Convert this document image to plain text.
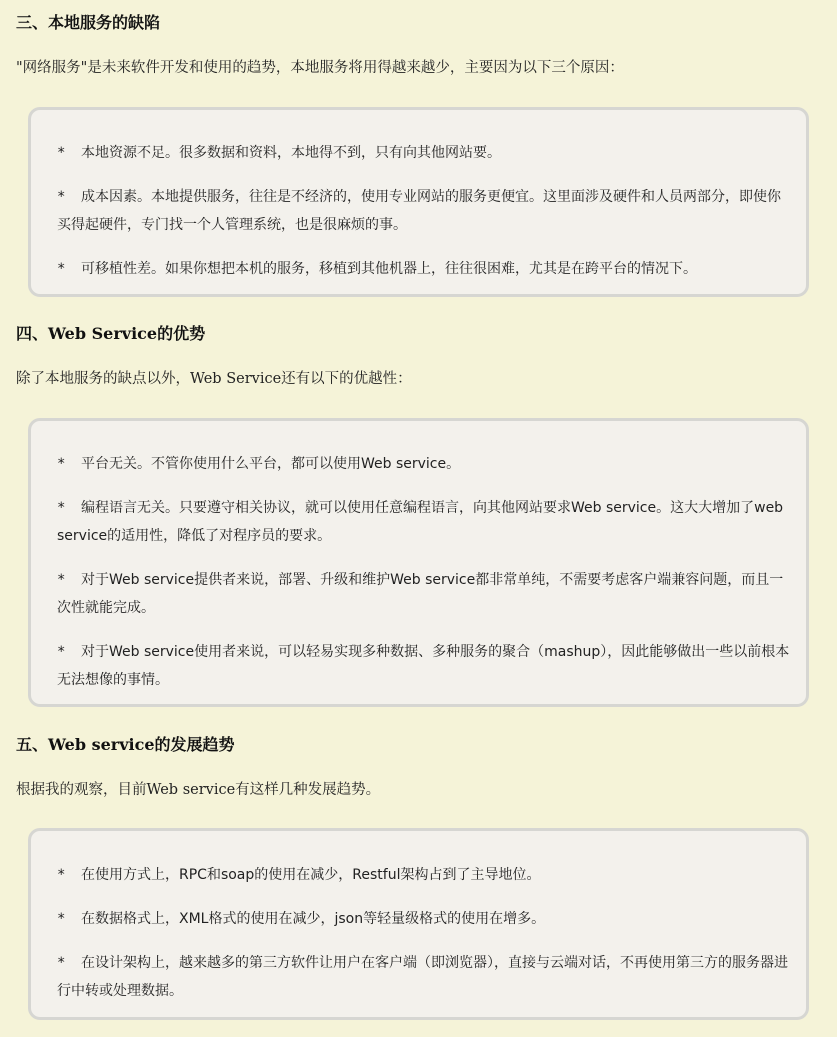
三、本地服务的缺陷

"网络服务"是未来软件开发和使用的趋势，本地服务将用得越来越少，主要因为以下三个原因：

* 本地资源不足。很多数据和资料，本地得不到，只有向其他网站要。

* 成本因素。本地提供服务，往往是不经济的，使用专业网站的服务更便宜。这里面涉及硬件和人员两部分，即使你买得起硬件，专门找一个人管理系统，也是很麻烦的事。

* 可移植性差。如果你想把本机的服务，移植到其他机器上，往往很困难，尤其是在跨平台的情况下。

四、Web Service的优势

除了本地服务的缺点以外，Web Service还有以下的优越性：

* 平台无关。不管你使用什么平台，都可以使用Web service。

* 编程语言无关。只要遵守相关协议，就可以使用任意编程语言，向其他网站要求Web service。这大大增加了web service的适用性，降低了对程序员的要求。

* 对于Web service提供者来说，部署、升级和维护Web service都非常单纯，不需要考虑客户端兼容问题，而且一次性就能完成。

* 对于Web service使用者来说，可以轻易实现多种数据、多种服务的聚合（mashup），因此能够做出一些以前根本无法想像的事情。

五、Web service的发展趋势

根据我的观察，目前Web service有这样几种发展趋势。

* 在使用方式上，RPC和soap的使用在减少，Restful架构占到了主导地位。

* 在数据格式上，XML格式的使用在减少，json等轻量级格式的使用在增多。

* 在设计架构上，越来越多的第三方软件让用户在客户端（即浏览器），直接与云端对话，不再使用第三方的服务器进行中转或处理数据。
